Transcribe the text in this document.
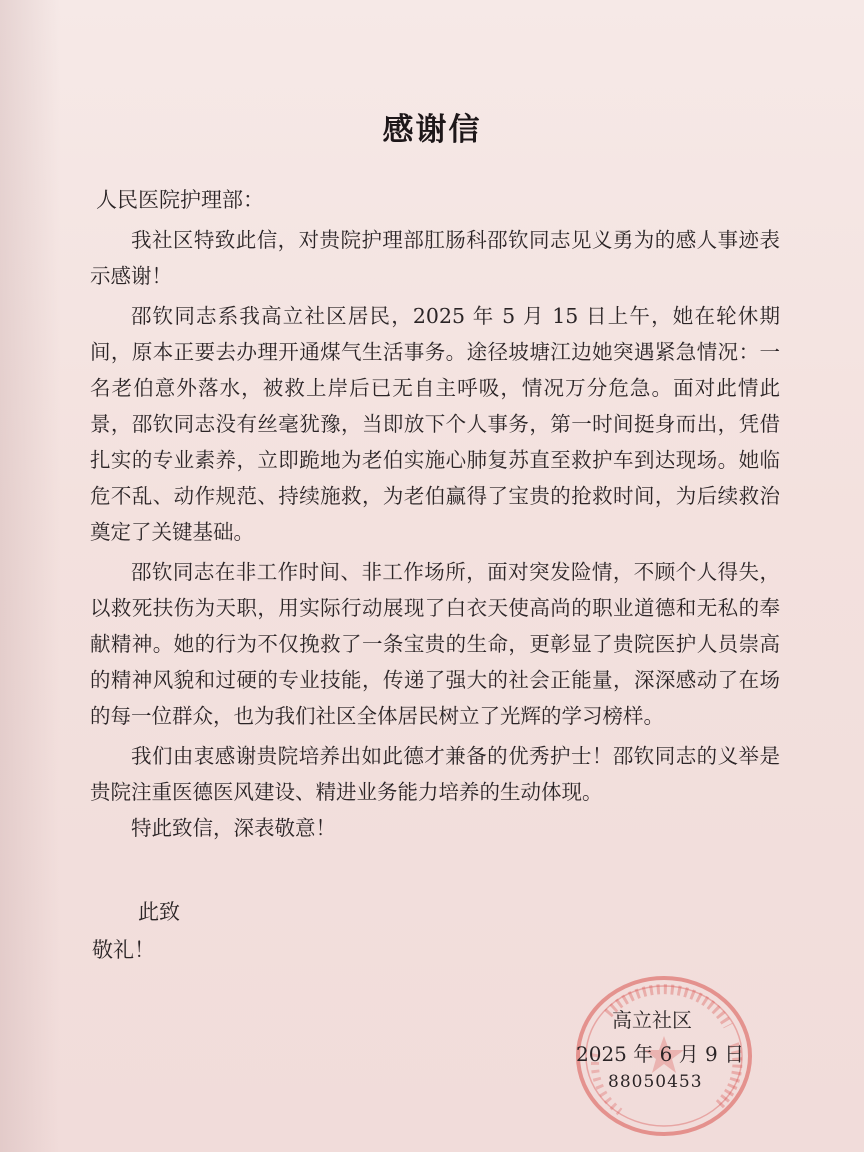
感谢信
人民医院护理部：

我社区特致此信，对贵院护理部肛肠科邵钦同志见义勇为的感人事迹表示感谢！

邵钦同志系我高立社区居民，2025 年 5 月 15 日上午，她在轮休期间，原本正要去办理开通煤气生活事务。途径坡塘江边她突遇紧急情况：一名老伯意外落水，被救上岸后已无自主呼吸，情况万分危急。面对此情此景，邵钦同志没有丝毫犹豫，当即放下个人事务，第一时间挺身而出，凭借扎实的专业素养，立即跪地为老伯实施心肺复苏直至救护车到达现场。她临危不乱、动作规范、持续施救，为老伯赢得了宝贵的抢救时间，为后续救治奠定了关键基础。

邵钦同志在非工作时间、非工作场所，面对突发险情，不顾个人得失，以救死扶伤为天职，用实际行动展现了白衣天使高尚的职业道德和无私的奉献精神。她的行为不仅挽救了一条宝贵的生命，更彰显了贵院医护人员崇高的精神风貌和过硬的专业技能，传递了强大的社会正能量，深深感动了在场的每一位群众，也为我们社区全体居民树立了光辉的学习榜样。

我们由衷感谢贵院培养出如此德才兼备的优秀护士！邵钦同志的义举是贵院注重医德医风建设、精进业务能力培养的生动体现。

特此致信，深表敬意！

此致
敬礼！
高立社区
2025 年 6 月 9 日
88050453
